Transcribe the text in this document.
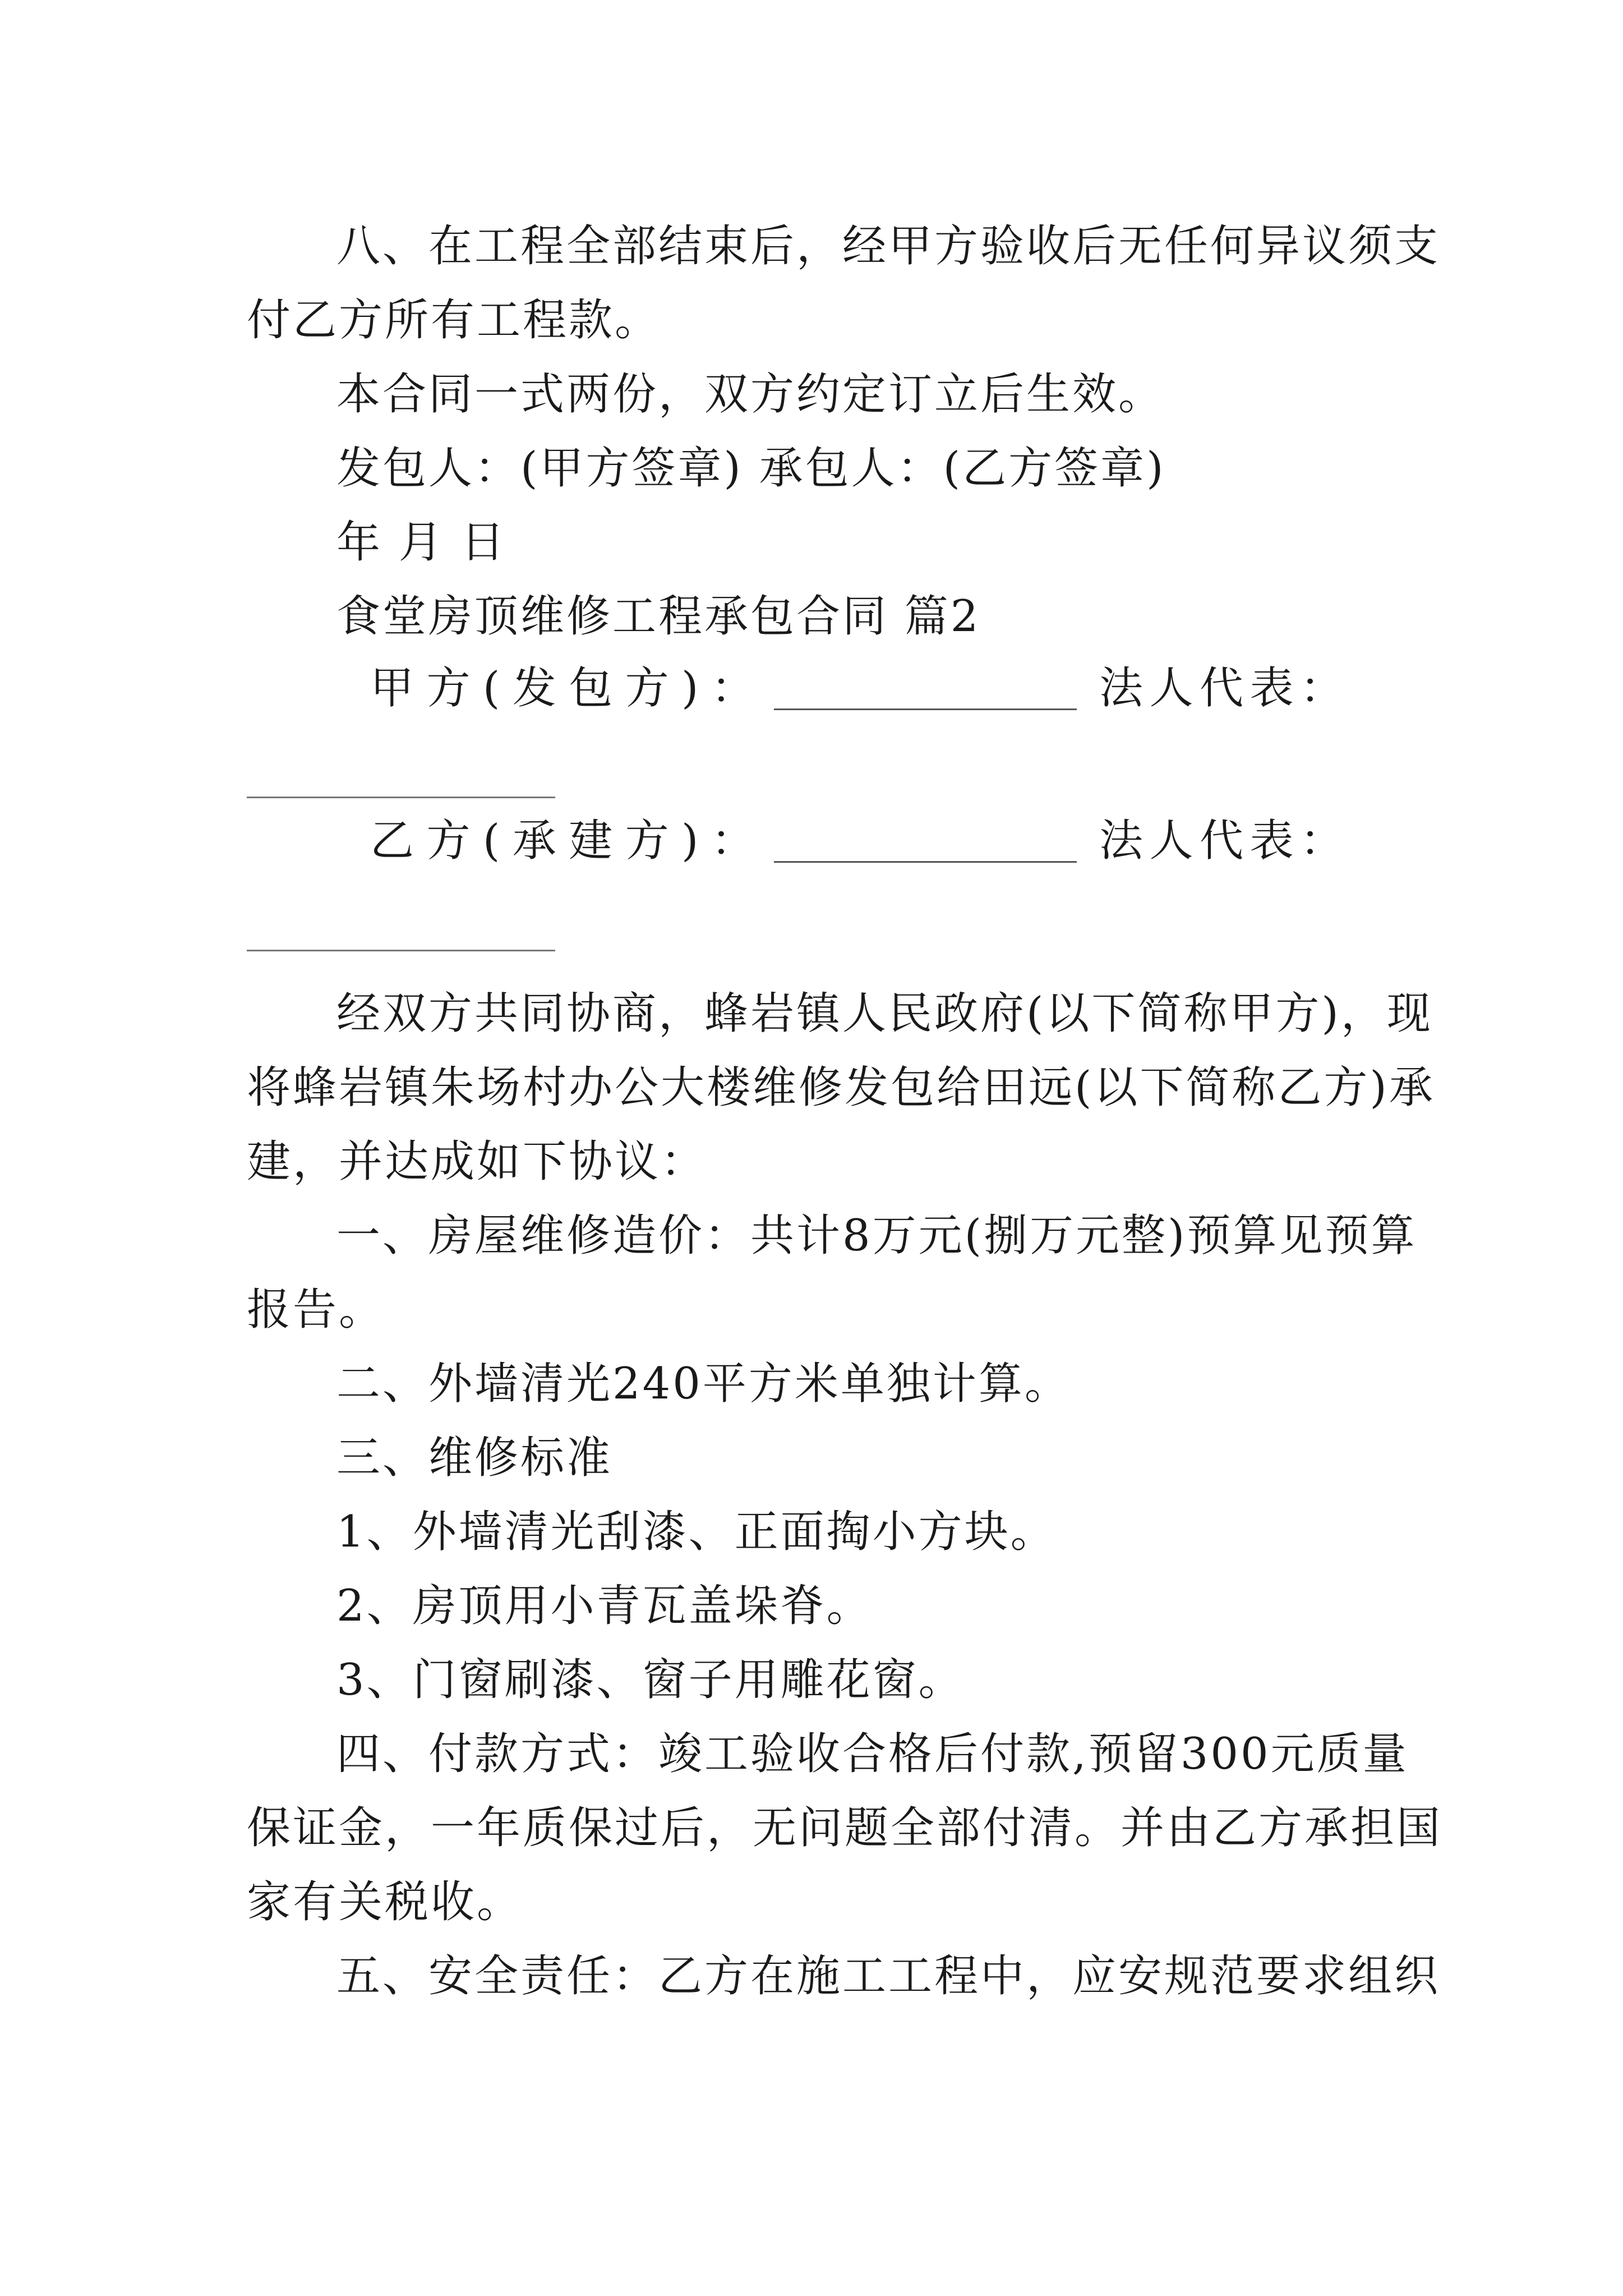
八、在工程全部结束后，经甲方验收后无任何异议须支
付乙方所有工程款。
本合同一式两份，双方约定订立后生效。
发包人：(甲方签章) 承包人：(乙方签章)
年 月 日
食堂房顶维修工程承包合同 篇2
甲 方 ( 发 包 方 ) ：	法 人 代 表 ：
乙 方 ( 承 建 方 ) ：	法 人 代 表 ：
经双方共同协商，蜂岩镇人民政府(以下简称甲方)，现
将蜂岩镇朱场村办公大楼维修发包给田远(以下简称乙方)承
建，并达成如下协议：
一、房屋维修造价：共计8万元(捌万元整)预算见预算
报告。
二、外墙清光240平方米单独计算。
三、维修标准
1、外墙清光刮漆、正面掏小方块。
2、房顶用小青瓦盖垛脊。
3、门窗刷漆、窗子用雕花窗。
四、付款方式：竣工验收合格后付款,预留300元质量
保证金，一年质保过后，无问题全部付清。并由乙方承担国
家有关税收。
五、安全责任：乙方在施工工程中，应安规范要求组织
